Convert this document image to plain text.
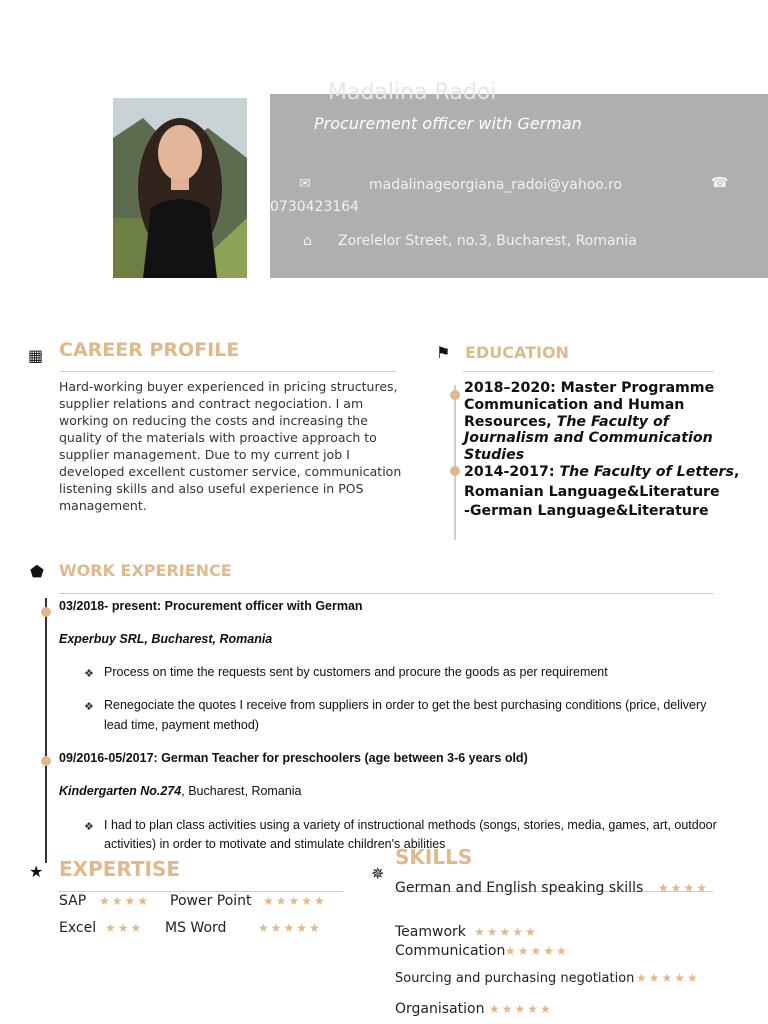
Madalina Radoi
Procurement officer with German
✉	madalinageorgiana_radoi@yahoo.ro	☎
0730423164
⌂ Zorelelor Street, no.3, Bucharest, Romania
▦ CAREER PROFILE
Hard-working buyer experienced in pricing structures, supplier relations and contract negociation. I am working on reducing the costs and increasing the quality of the materials with proactive approach to supplier management. Due to my current job I developed excellent customer service, communication listening skills and also useful experience in POS management.
⚑ EDUCATION
2018–2020: Master Programme
Communication and Human
Resources, The Faculty of
Journalism and Communication
Studies
2014-2017: The Faculty of Letters,
Romanian Language&Literature
-German Language&Literature
⬟ WORK EXPERIENCE
03/2018- present: Procurement officer with German
Experbuy SRL, Bucharest, Romania
❖ Process on time the requests sent by customers and procure the goods as per requirement
❖ Renegociate the quotes I receive from suppliers in order to get the best purchasing conditions (price, delivery
lead time, payment method)
09/2016-05/2017: German Teacher for preschoolers (age between 3-6 years old)
Kindergarten No.274, Bucharest, Romania
❖ I had to plan class activities using a variety of instructional methods (songs, stories, media, games, art, outdoor
activities) in order to motivate and stimulate children's abilities
★ EXPERTISE
SAP ★★★★ Power Point ★★★★★
Excel ★★★ MS Word	★★★★★
✵
SKILLS
German and English speaking skills ★★★★
Teamwork ★★★★★
Communication ★★★★★
Sourcing and purchasing negotiation ★★★★★
Organisation ★★★★★
